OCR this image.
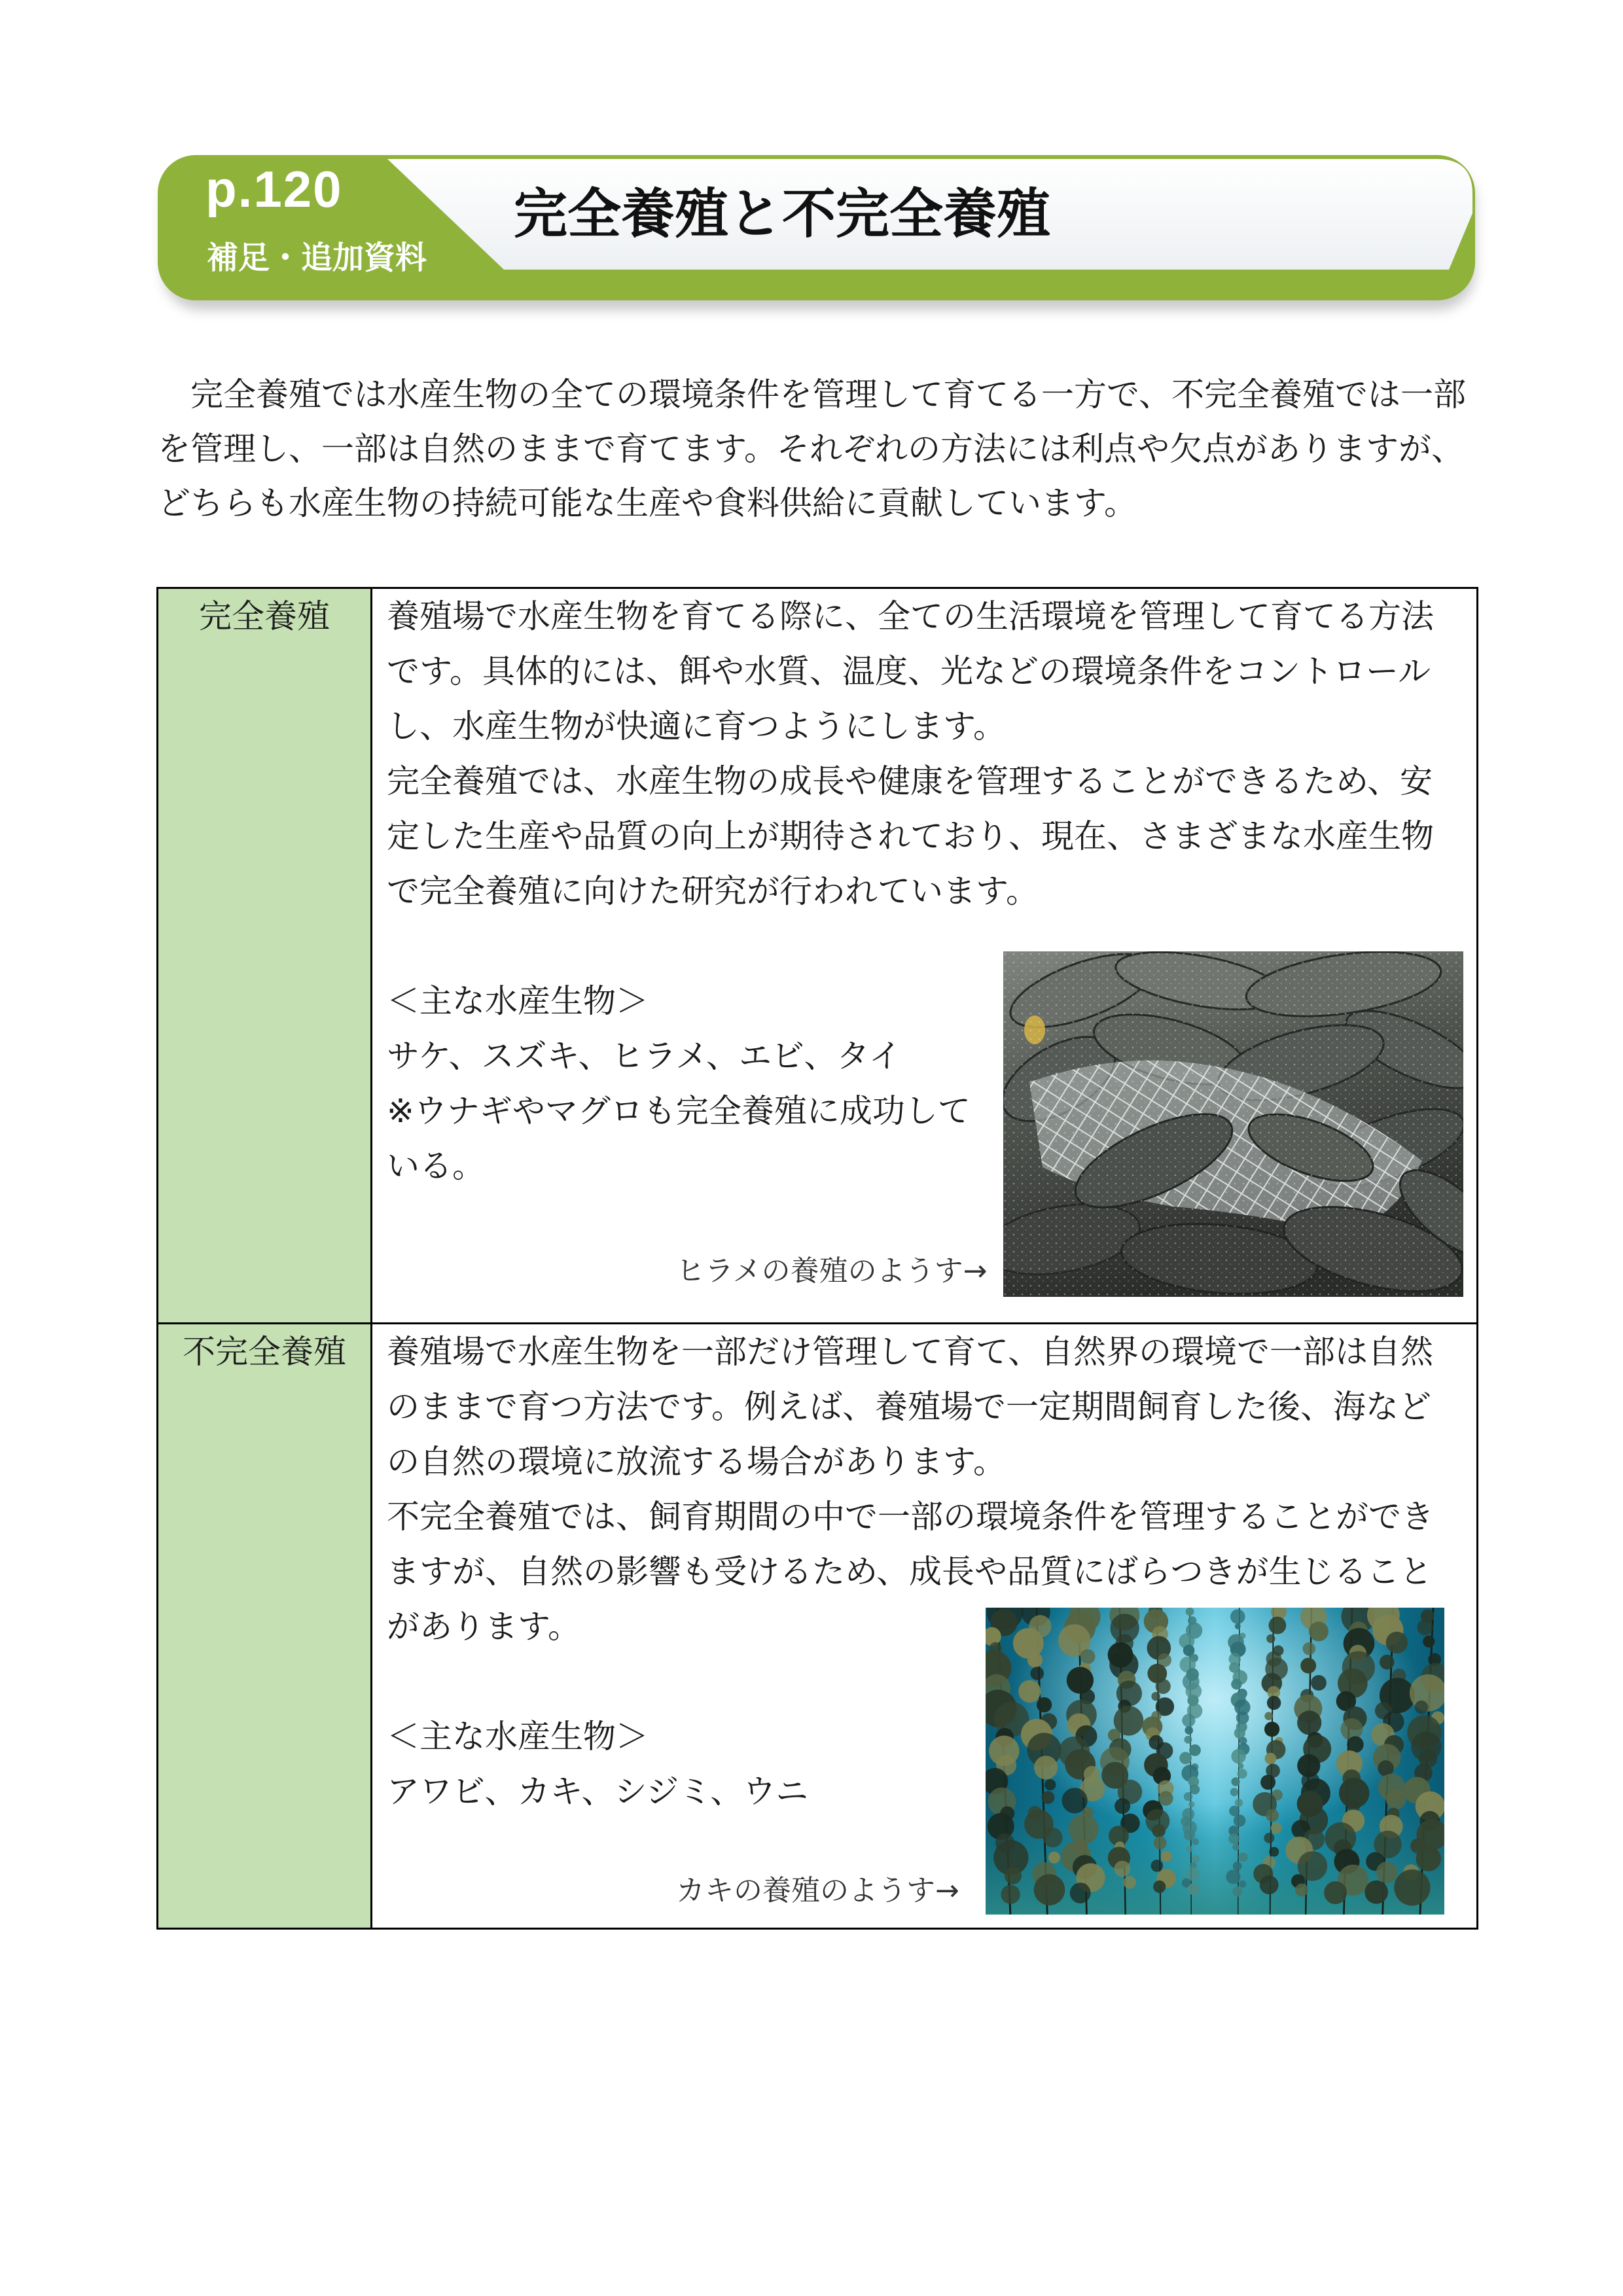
p.120
補足・追加資料
完全養殖と不完全養殖
完全養殖では水産生物の全ての環境条件を管理して育てる一方で、不完全養殖では一部
を管理し、一部は自然のままで育てます。それぞれの方法には利点や欠点がありますが、
どちらも水産生物の持続可能な生産や食料供給に貢献しています。
完全養殖	養殖場で水産生物を育てる際に、全ての生活環境を管理して育てる方法
です。具体的には、餌や水質、温度、光などの環境条件をコントロール
し、水産生物が快適に育つようにします。
完全養殖では、水産生物の成長や健康を管理することができるため、安
定した生産や品質の向上が期待されており、現在、さまざまな水産生物
で完全養殖に向けた研究が行われています。
＜主な水産生物＞
サケ、スズキ、ヒラメ、エビ、タイ
※ウナギやマグロも完全養殖に成功して
いる。
ヒラメの養殖のようす→
不完全養殖	養殖場で水産生物を一部だけ管理して育て、自然界の環境で一部は自然
のままで育つ方法です。例えば、養殖場で一定期間飼育した後、海など
の自然の環境に放流する場合があります。
不完全養殖では、飼育期間の中で一部の環境条件を管理することができ
ますが、自然の影響も受けるため、成長や品質にばらつきが生じること
があります。
＜主な水産生物＞
アワビ、カキ、シジミ、ウニ
カキの養殖のようす→
